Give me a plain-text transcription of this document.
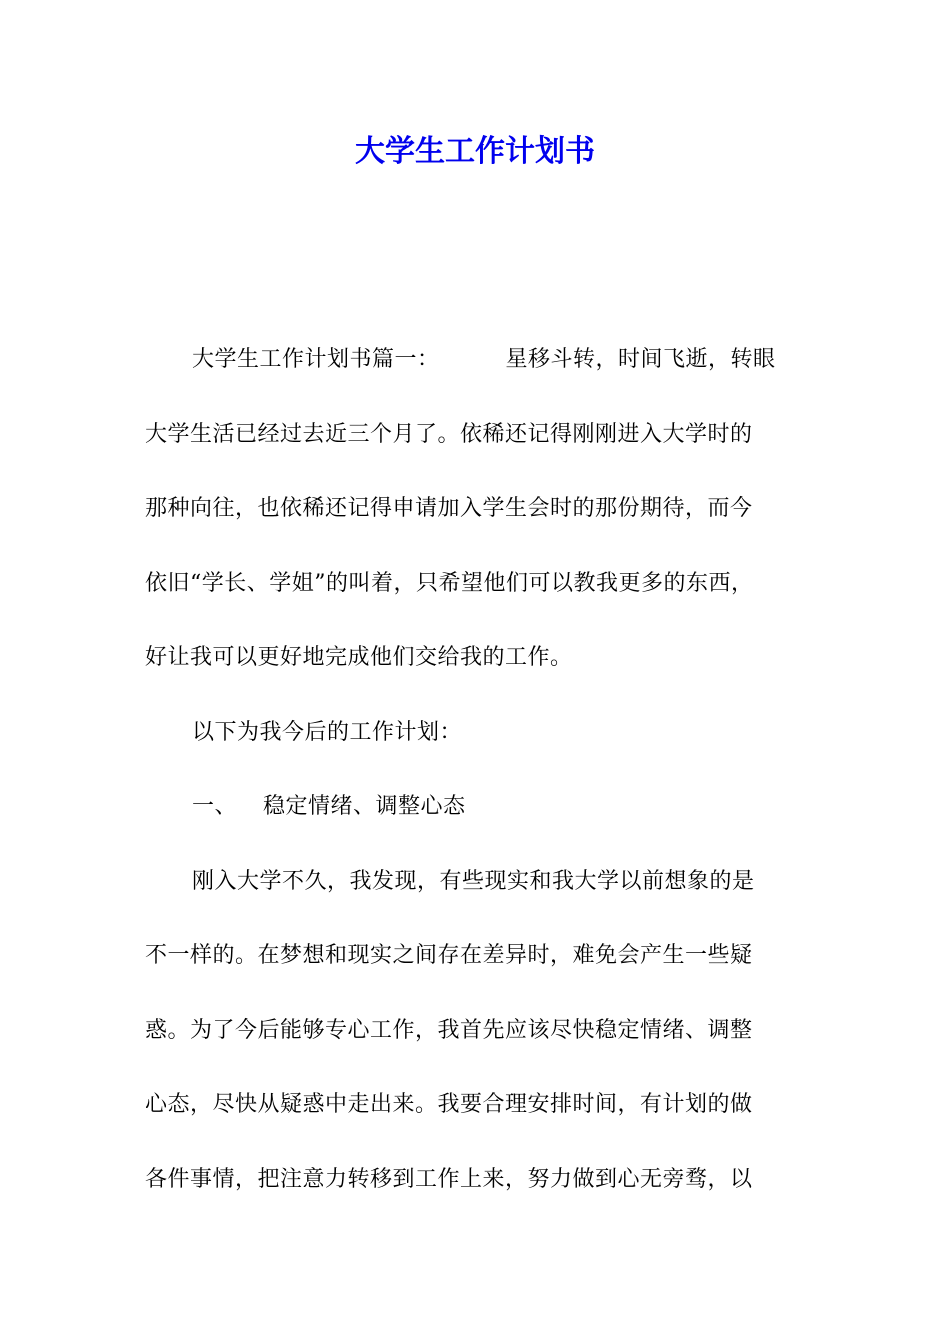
大学生工作计划书
大学生工作计划书篇一：	星移斗转，时间飞逝，转眼
大学生活已经过去近三个月了。依稀还记得刚刚进入大学时的
那种向往，也依稀还记得申请加入学生会时的那份期待，而今
依旧“学长、学姐”的叫着，只希望他们可以教我更多的东西，
好让我可以更好地完成他们交给我的工作。
以下为我今后的工作计划：
一、 稳定情绪、调整心态
刚入大学不久，我发现，有些现实和我大学以前想象的是
不一样的。在梦想和现实之间存在差异时，难免会产生一些疑
惑。为了今后能够专心工作，我首先应该尽快稳定情绪、调整
心态，尽快从疑惑中走出来。我要合理安排时间，有计划的做
各件事情，把注意力转移到工作上来，努力做到心无旁骛，以
